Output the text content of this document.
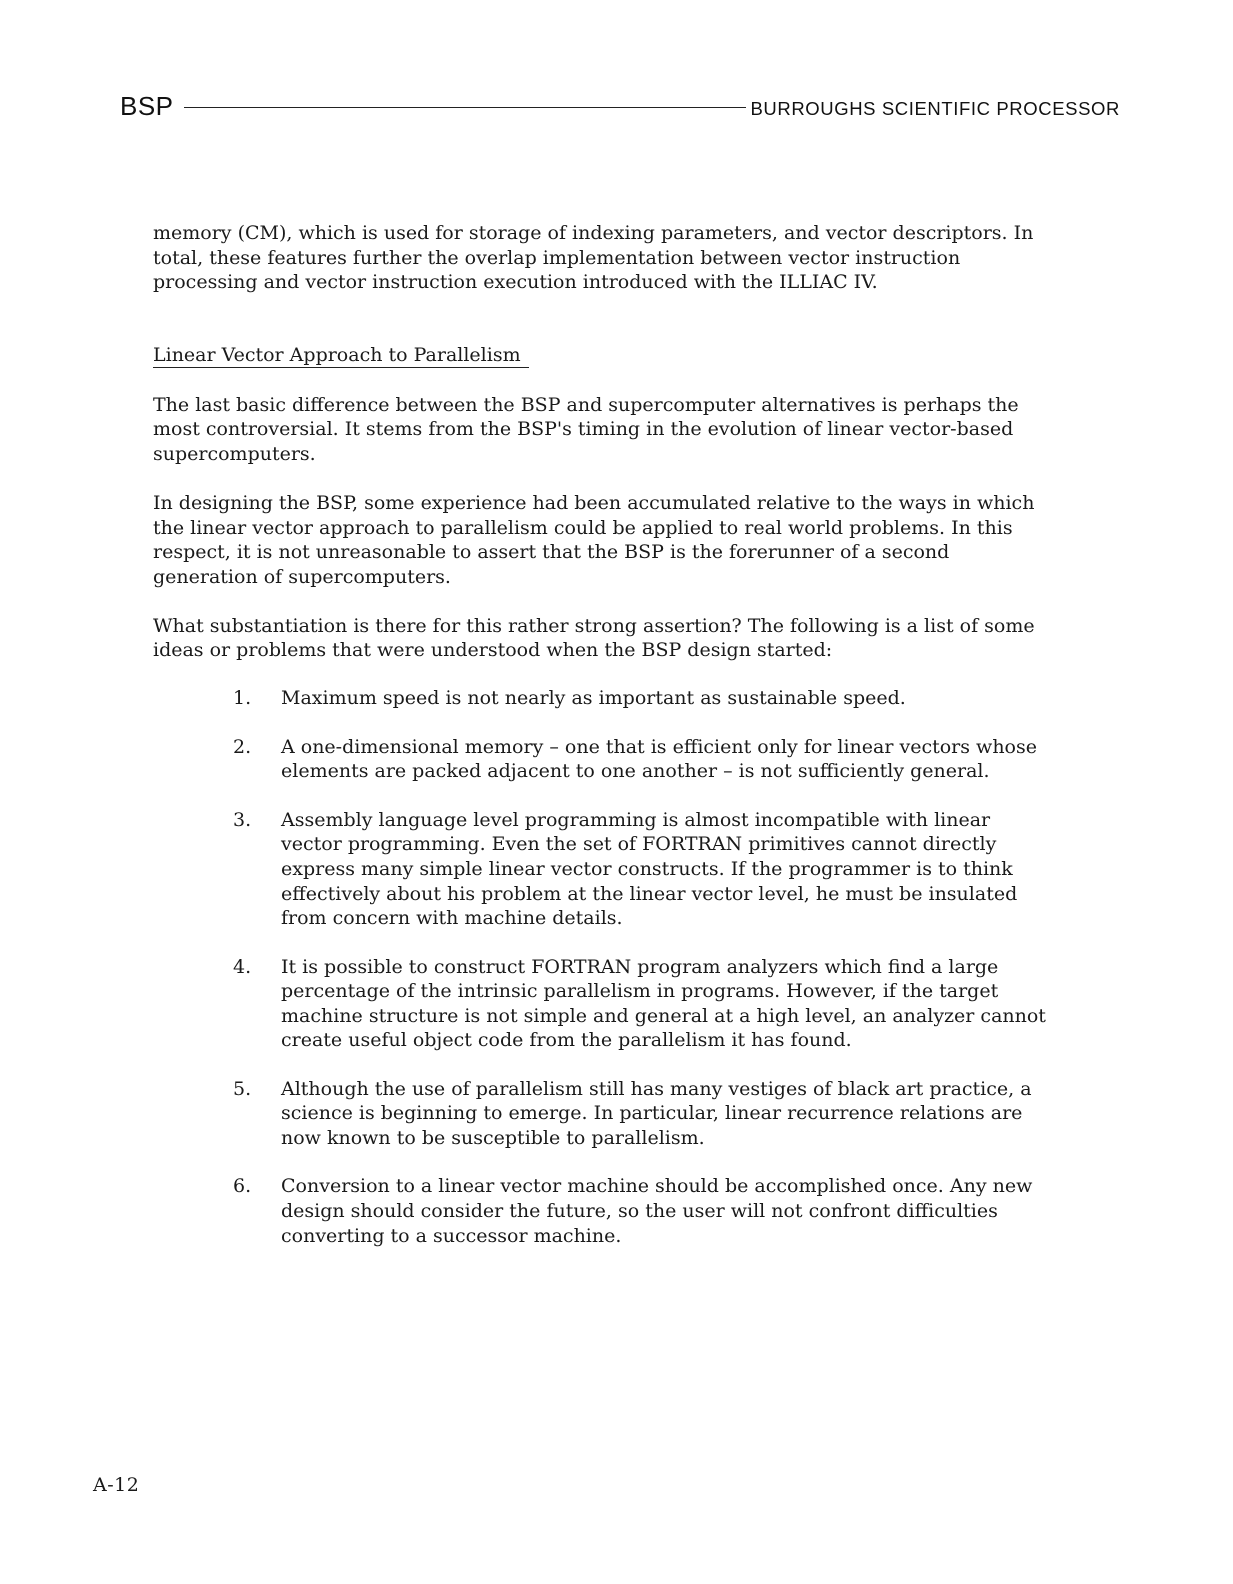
BSP	BURROUGHS SCIENTIFIC PROCESSOR

memory (CM), which is used for storage of indexing parameters, and vector descriptors. In total, these features further the overlap implementation between vector instruction processing and vector instruction execution introduced with the ILLIAC IV.

Linear Vector Approach to Parallelism

The last basic difference between the BSP and supercomputer alternatives is perhaps the most controversial. It stems from the BSP's timing in the evolution of linear vector-based supercomputers.

In designing the BSP, some experience had been accumulated relative to the ways in which the linear vector approach to parallelism could be applied to real world problems. In this respect, it is not unreasonable to assert that the BSP is the forerunner of a second generation of supercomputers.

What substantiation is there for this rather strong assertion? The following is a list of some ideas or problems that were understood when the BSP design started:

1.	Maximum speed is not nearly as important as sustainable speed.
2.	A one-dimensional memory – one that is efficient only for linear vectors whose elements are packed adjacent to one another – is not sufficiently general.
3.	Assembly language level programming is almost incompatible with linear vector programming. Even the set of FORTRAN primitives cannot directly express many simple linear vector constructs. If the programmer is to think effectively about his problem at the linear vector level, he must be insulated from concern with machine details.
4.	It is possible to construct FORTRAN program analyzers which find a large percentage of the intrinsic parallelism in programs. However, if the target machine structure is not simple and general at a high level, an analyzer cannot create useful object code from the parallelism it has found.
5.	Although the use of parallelism still has many vestiges of black art practice, a science is beginning to emerge. In particular, linear recurrence relations are now known to be susceptible to parallelism.
6.	Conversion to a linear vector machine should be accomplished once. Any new design should consider the future, so the user will not confront difficulties converting to a successor machine.
A-12
